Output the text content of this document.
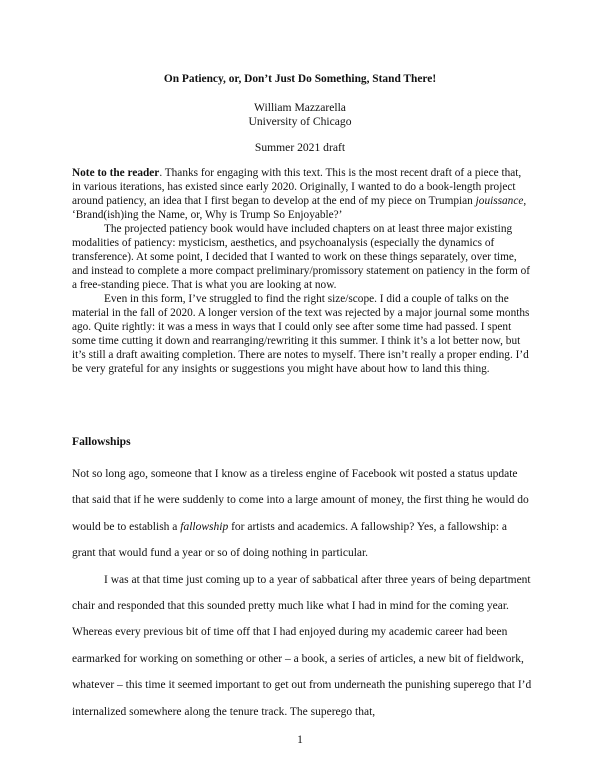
On Patiency, or, Don’t Just Do Something, Stand There!
William Mazzarella
University of Chicago
Summer 2021 draft

Note to the reader. Thanks for engaging with this text. This is the most recent draft of a piece that, in various iterations, has existed since early 2020. Originally, I wanted to do a book-length project around patiency, an idea that I first began to develop at the end of my piece on Trumpian jouissance, ‘Brand(ish)ing the Name, or, Why is Trump So Enjoyable?’

The projected patiency book would have included chapters on at least three major existing modalities of patiency: mysticism, aesthetics, and psychoanalysis (especially the dynamics of transference). At some point, I decided that I wanted to work on these things separately, over time, and instead to complete a more compact preliminary/promissory statement on patiency in the form of a free-standing piece. That is what you are looking at now.

Even in this form, I’ve struggled to find the right size/scope. I did a couple of talks on the material in the fall of 2020. A longer version of the text was rejected by a major journal some months ago. Quite rightly: it was a mess in ways that I could only see after some time had passed. I spent some time cutting it down and rearranging/rewriting it this summer. I think it’s a lot better now, but it’s still a draft awaiting completion. There are notes to myself. There isn’t really a proper ending. I’d be very grateful for any insights or suggestions you might have about how to land this thing.

Fallowships

Not so long ago, someone that I know as a tireless engine of Facebook wit posted a status update that said that if he were suddenly to come into a large amount of money, the first thing he would do would be to establish a fallowship for artists and academics. A fallowship? Yes, a fallowship: a grant that would fund a year or so of doing nothing in particular.

I was at that time just coming up to a year of sabbatical after three years of being department chair and responded that this sounded pretty much like what I had in mind for the coming year. Whereas every previous bit of time off that I had enjoyed during my academic career had been earmarked for working on something or other – a book, a series of articles, a new bit of fieldwork, whatever – this time it seemed important to get out from underneath the punishing superego that I’d internalized somewhere along the tenure track. The superego that,

1
